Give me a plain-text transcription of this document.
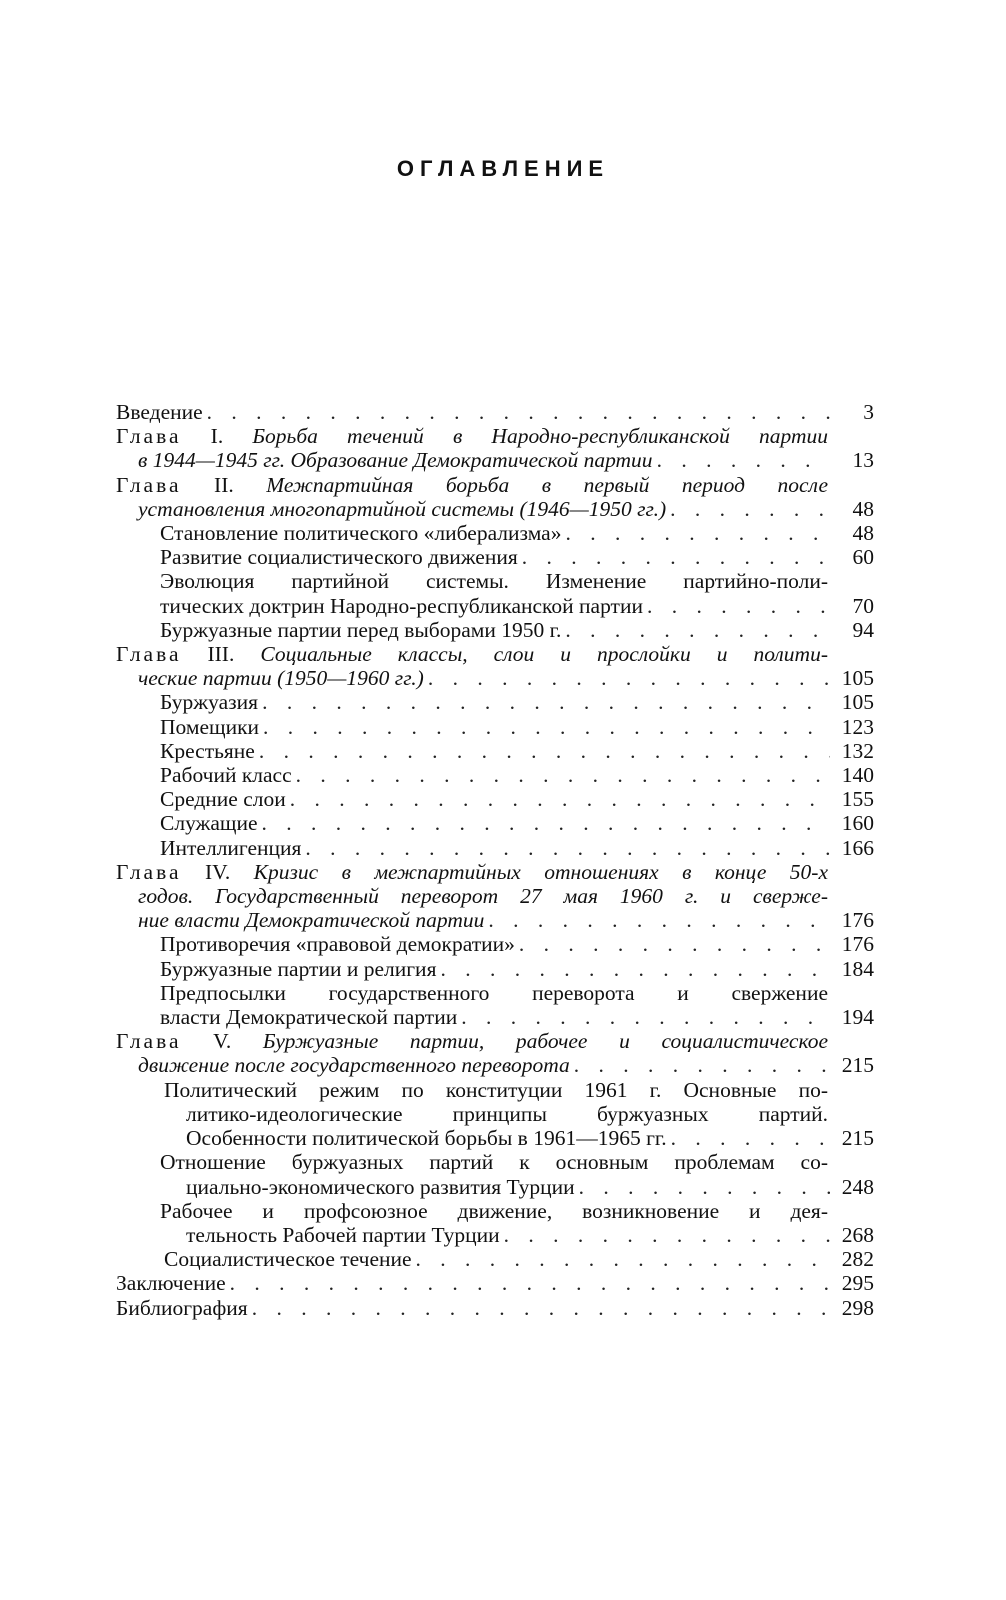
ОГЛАВЛЕНИЕ
Введение . . .	3
Глава I. Борьба течений в Народно-республиканской партии
в 1944—1945 гг. Образование Демократической партии . . .	13
Глава II. Межпартийная борьба в первый период после
установления многопартийной системы (1946—1950 гг.) . . .	48
Становление политического «либерализма» . . .	48
Развитие социалистического движения . . .	60
Эволюция партийной системы. Изменение партийно-поли-
тических доктрин Народно-республиканской партии . . .	70
Буржуазные партии перед выборами 1950 г. . . .	94
Глава III. Социальные классы, слои и прослойки и полити-
ческие партии (1950—1960 гг.) . . .	105
Буржуазия . . .	105
Помещики . . .	123
Крестьяне . . .	132
Рабочий класс . . .	140
Средние слои . . .	155
Служащие . . .	160
Интеллигенция . . .	166
Глава IV. Кризис в межпартийных отношениях в конце 50-х
годов. Государственный переворот 27 мая 1960 г. и сверже-
ние власти Демократической партии . . .	176
Противоречия «правовой демократии» . . .	176
Буржуазные партии и религия . . .	184
Предпосылки государственного переворота и свержение
власти Демократической партии . . .	194
Глава V. Буржуазные партии, рабочее и социалистическое
движение после государственного переворота . . .	215
Политический режим по конституции 1961 г. Основные по-
литико-идеологические принципы буржуазных партий.
Особенности политической борьбы в 1961—1965 гг. . . .	215
Отношение буржуазных партий к основным проблемам со-
циально-экономического развития Турции . . .	248
Рабочее и профсоюзное движение, возникновение и дея-
тельность Рабочей партии Турции . . .	268
Социалистическое течение . . .	282
Заключение . . .	295
Библиография . . .	298
